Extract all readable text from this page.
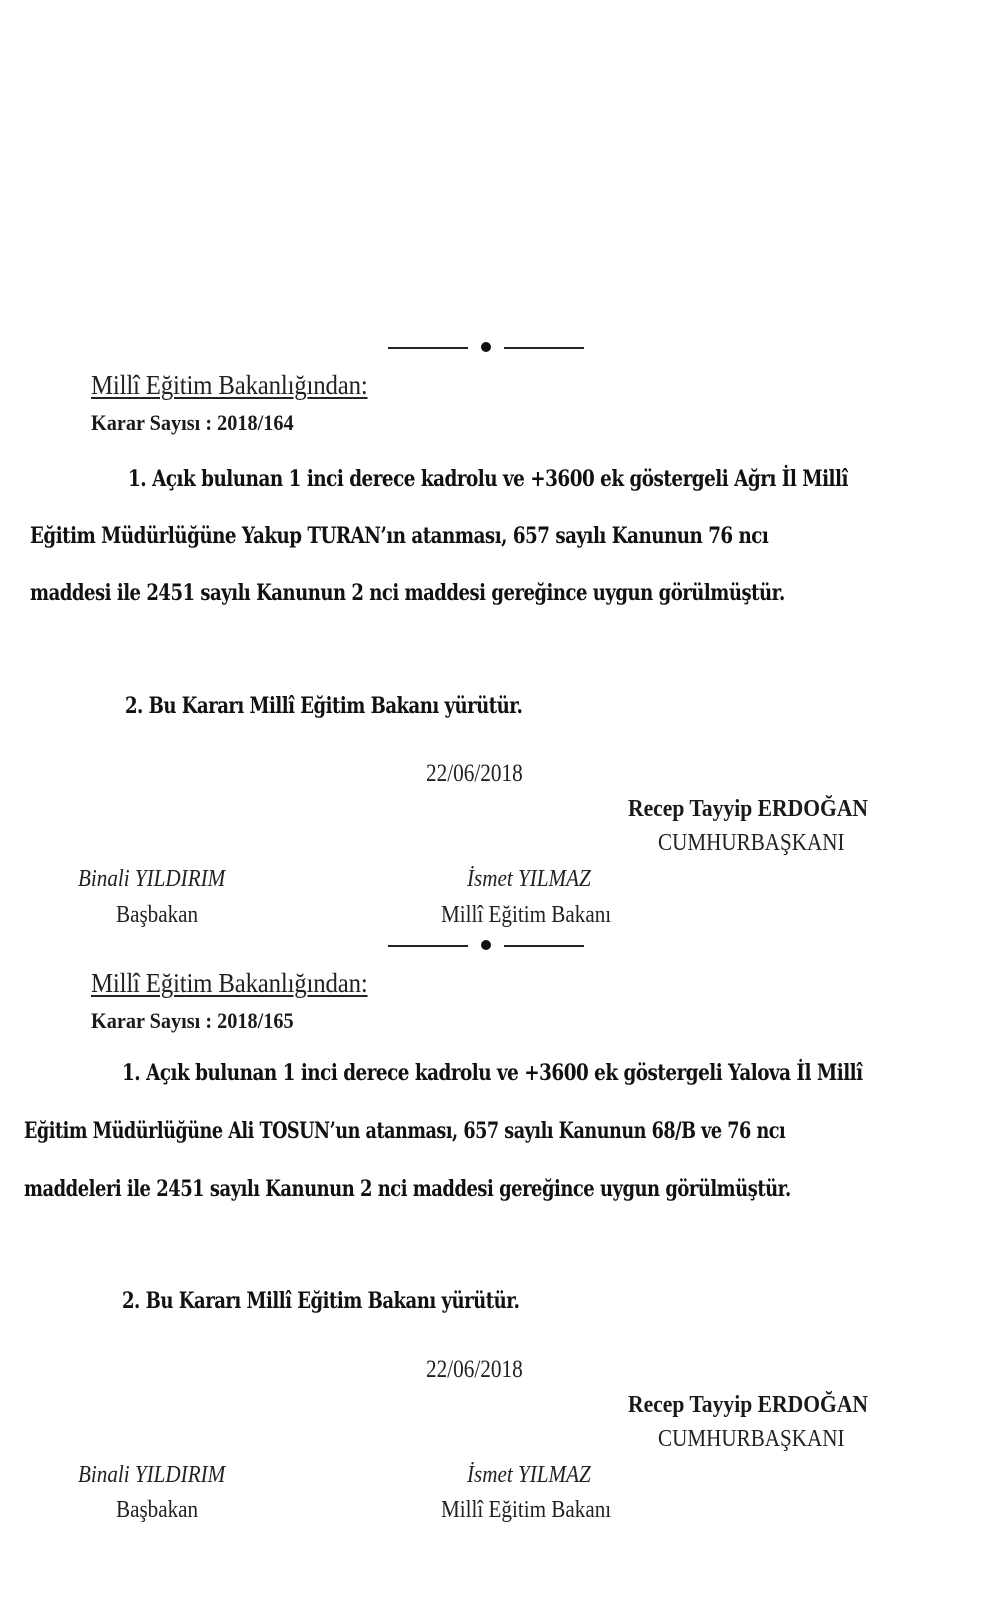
Millî Eğitim Bakanlığından:
Karar Sayısı : 2018/164
1. Açık bulunan 1 inci derece kadrolu ve +3600 ek göstergeli Ağrı İl Millî
Eğitim Müdürlüğüne Yakup TURAN’ın atanması, 657 sayılı Kanunun 76 ncı
maddesi ile 2451 sayılı Kanunun 2 nci maddesi gereğince uygun görülmüştür.
2. Bu Kararı Millî Eğitim Bakanı yürütür.
22/06/2018
Recep Tayyip ERDOĞAN
CUMHURBAŞKANI
Binali YILDIRIM
Başbakan
İsmet YILMAZ
Millî Eğitim Bakanı
Millî Eğitim Bakanlığından:
Karar Sayısı : 2018/165
1. Açık bulunan 1 inci derece kadrolu ve +3600 ek göstergeli Yalova İl Millî
Eğitim Müdürlüğüne Ali TOSUN’un atanması, 657 sayılı Kanunun 68/B ve 76 ncı
maddeleri ile 2451 sayılı Kanunun 2 nci maddesi gereğince uygun görülmüştür.
2. Bu Kararı Millî Eğitim Bakanı yürütür.
22/06/2018
Recep Tayyip ERDOĞAN
CUMHURBAŞKANI
Binali YILDIRIM
Başbakan
İsmet YILMAZ
Millî Eğitim Bakanı
